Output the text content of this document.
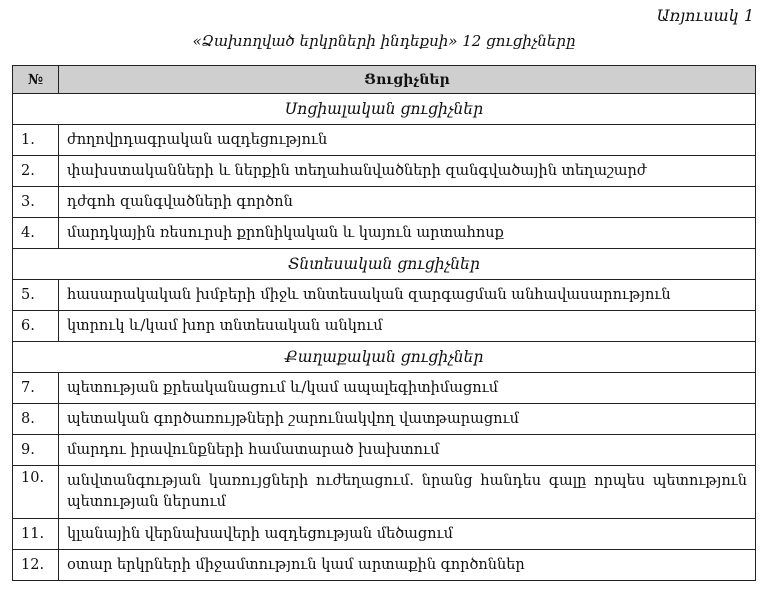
Առյուսակ 1
«Ձախողված երկրների ինդեքսի» 12 ցուցիչները
№	Ցուցիչներ
Սոցիալական ցուցիչներ	
1.	ժողովրդագրական ազդեցություն
2.	փախստականների և ներքին տեղահանվածների զանգվածային տեղաշարժ
3.	դժգոհ զանգվածների գործոն
4.	մարդկային ռեսուրսի քրոնիկական և կայուն արտահոսք
Տնտեսական ցուցիչներ	
5.	հասարակական խմբերի միջև տնտեսական զարգացման անհավասարություն
6.	կտրուկ և/կամ խոր տնտեսական անկում
Քաղաքական ցուցիչներ	
7.	պետության քրեականացում և/կամ ապալեգիտիմացում
8.	պետական գործառույթների շարունակվող վատթարացում
9.	մարդու իրավունքների համատարած խախտում
10.	անվտանգության կառույցների ուժեղացում. նրանց հանդես գալը որպես պետություն պետության ներսում
11.	կլանային վերնախավերի ազդեցության մեծացում
12.	օտար երկրների միջամտություն կամ արտաքին գործոններ
